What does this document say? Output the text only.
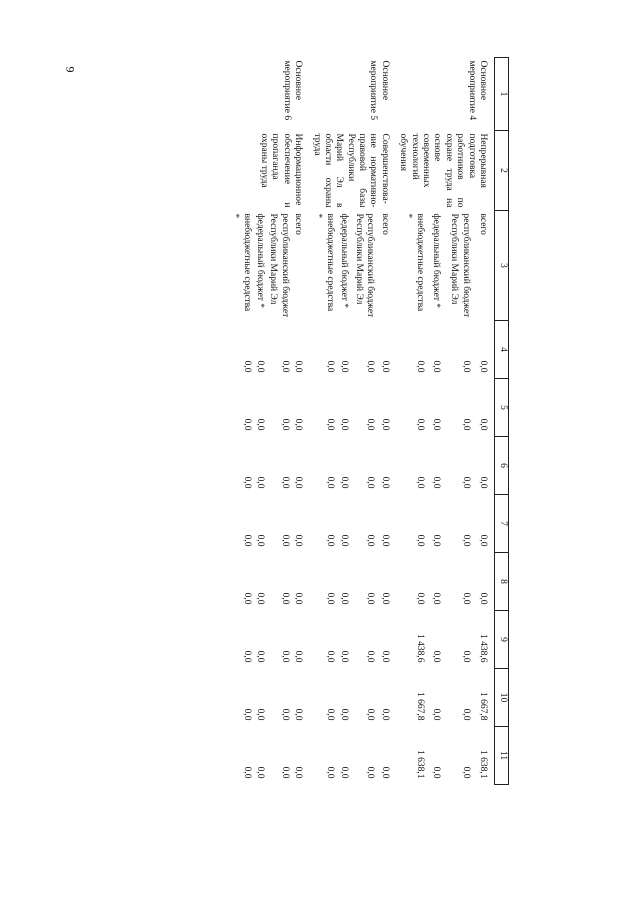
9
1	2	3	4	5	6	7	8	9	10	11
Основное мероприятие 4	Непрерывная подготовка работников по охране труда на основе современных технологий обучения	всего	0,0	0,0	0,0	0,0	0,0	1 438,6	1 667,8	1 638,1
		республиканский бюджет Республики Марий Эл	0,0	0,0	0,0	0,0	0,0	0,0	0,0	0,0
		федеральный бюджет *	0,0	0,0	0,0	0,0	0,0	0,0	0,0	0,0
		внебюджетные средства *	0,0	0,0	0,0	0,0	0,0	1 438,6	1 667,8	1 638,1
Основное мероприятие 5	Совершенствова-ние нормативно-правовой базы Республики Марий Эл в области охраны труда	всего	0,0	0,0	0,0	0,0	0,0	0,0	0,0	0,0
		республиканский бюджет Республики Марий Эл	0,0	0,0	0,0	0,0	0,0	0,0	0,0	0,0
		федеральный бюджет *	0,0	0,0	0,0	0,0	0,0	0,0	0,0	0,0
		внебюджетные средства *	0,0	0,0	0,0	0,0	0,0	0,0	0,0	0,0
Основное мероприятие 6	Информационное обеспечение и пропаганда охраны труда	всего	0,0	0,0	0,0	0,0	0,0	0,0	0,0	0,0
		республиканский бюджет Республики Марий Эл	0,0	0,0	0,0	0,0	0,0	0,0	0,0	0,0
		федеральный бюджет *	0,0	0,0	0,0	0,0	0,0	0,0	0,0	0,0
		внебюджетные средства *	0,0	0,0	0,0	0,0	0,0	0,0	0,0	0,0
